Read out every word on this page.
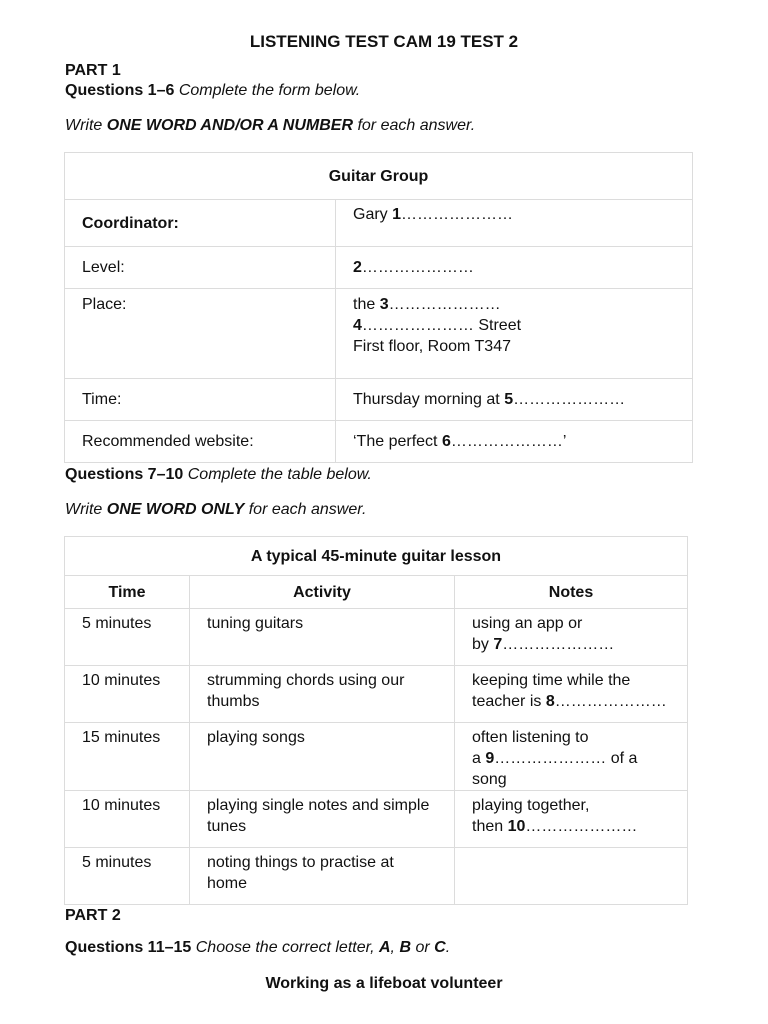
LISTENING TEST CAM 19 TEST 2

PART 1

Questions 1–6 Complete the form below.

Write ONE WORD AND/OR A NUMBER for each answer.

Guitar Group	
Coordinator:	Gary 1…………………
Level:	2…………………
Place:	the 3…………………
4………………… Street
First floor, Room T347

Time:	Thursday morning at 5…………………
Recommended website:	‘The perfect 6…………………’

Questions 7–10 Complete the table below.

Write ONE WORD ONLY for each answer.

A typical 45-minute guitar lesson		
Time	Activity	Notes
5 minutes	tuning guitars	using an app or
by 7…………………

10 minutes	strumming chords using our thumbs	keeping time while the
teacher is 8…………………

15 minutes	playing songs	often listening to
a 9………………… of a song

10 minutes	playing single notes and simple tunes	playing together,
then 10…………………

5 minutes	noting things to practise at home	

PART 2

Questions 11–15 Choose the correct letter, A, B or C.

Working as a lifeboat volunteer
